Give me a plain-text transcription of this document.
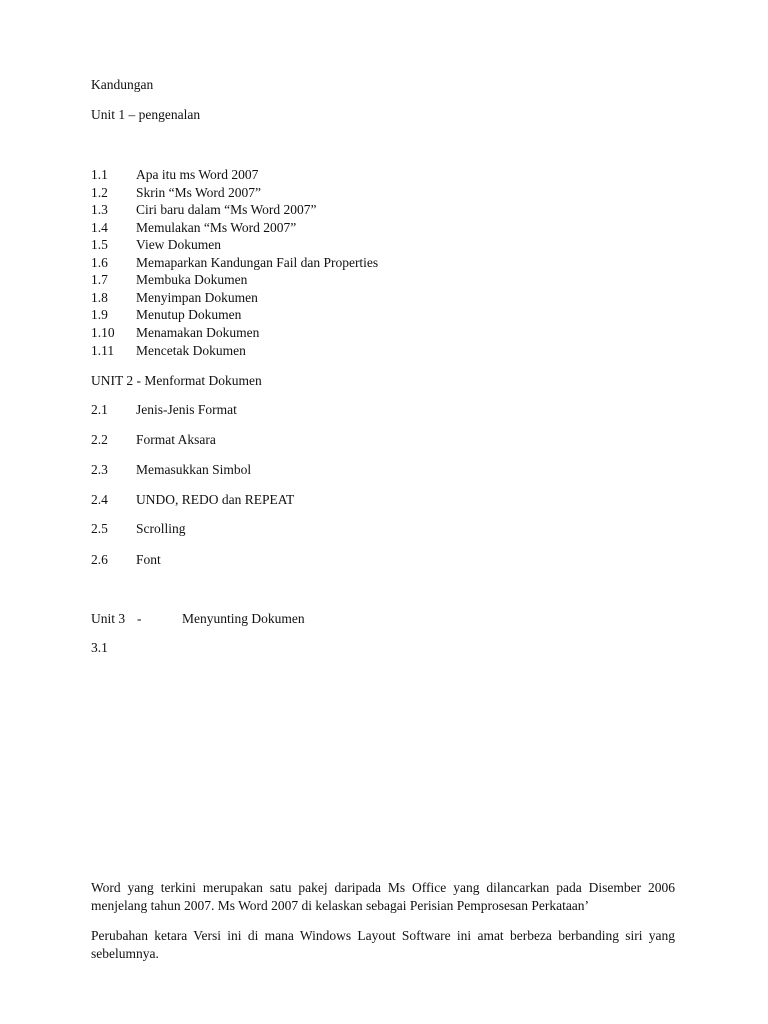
Kandungan
Unit 1 – pengenalan
1.1 Apa itu ms Word 2007
1.2 Skrin “Ms Word 2007”
1.3 Ciri baru dalam “Ms Word 2007”
1.4 Memulakan “Ms Word 2007”
1.5 View Dokumen
1.6 Memaparkan Kandungan Fail dan Properties
1.7 Membuka Dokumen
1.8 Menyimpan Dokumen
1.9 Menutup Dokumen
1.10 Menamakan Dokumen
1.11 Mencetak Dokumen
UNIT 2 - Menformat Dokumen
2.1 Jenis-Jenis Format
2.2 Format Aksara
2.3 Memasukkan Simbol
2.4 UNDO, REDO dan REPEAT
2.5 Scrolling
2.6 Font
Unit 3 -	Menyunting Dokumen
3.1
Word yang terkini merupakan satu pakej daripada Ms Office yang dilancarkan pada Disember 2006 menjelang tahun 2007. Ms Word 2007 di kelaskan sebagai Perisian Pemprosesan Perkataan’
Perubahan ketara Versi ini di mana Windows Layout Software ini amat berbeza berbanding siri yang sebelumnya.
